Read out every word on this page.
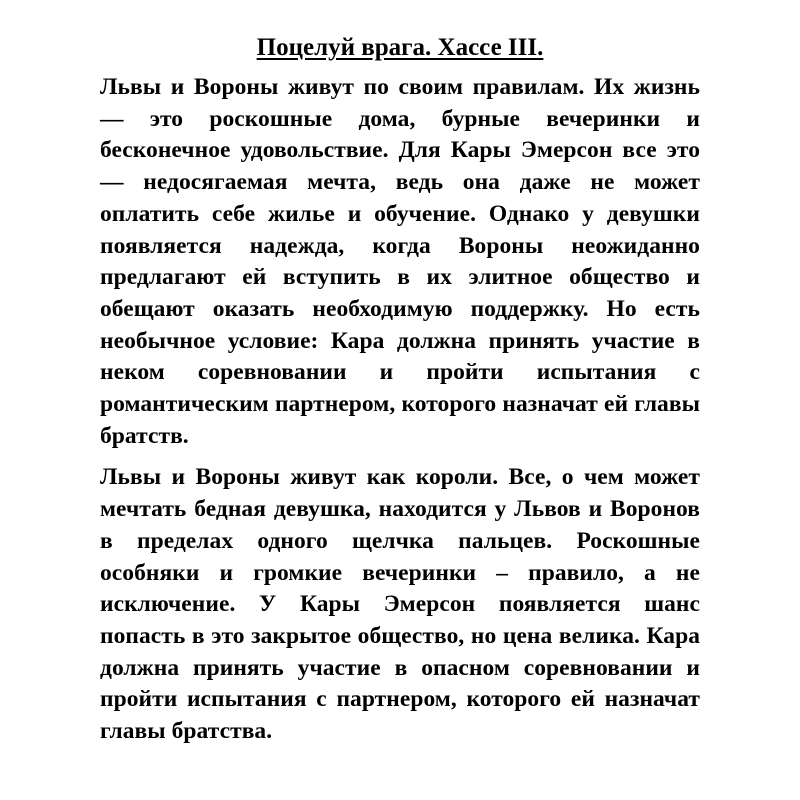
Поцелуй врага. Хассе III.

Львы и Вороны живут по своим правилам. Их жизнь — это роскошные дома, бурные вечеринки и бесконечное удовольствие. Для Кары Эмерсон все это — недосягаемая мечта, ведь она даже не может оплатить себе жилье и обучение. Однако у девушки появляется надежда, когда Вороны неожиданно предлагают ей вступить в их элитное общество и обещают оказать необходимую поддержку. Но есть необычное условие: Кара должна принять участие в неком соревновании и пройти испытания с романтическим партнером, которого назначат ей главы братств.

Львы и Вороны живут как короли. Все, о чем может мечтать бедная девушка, находится у Львов и Воронов в пределах одного щелчка пальцев. Роскошные особняки и громкие вечеринки – правило, а не исключение. У Кары Эмерсон появляется шанс попасть в это закрытое общество, но цена велика. Кара должна принять участие в опасном соревновании и пройти испытания с партнером, которого ей назначат главы братства.
